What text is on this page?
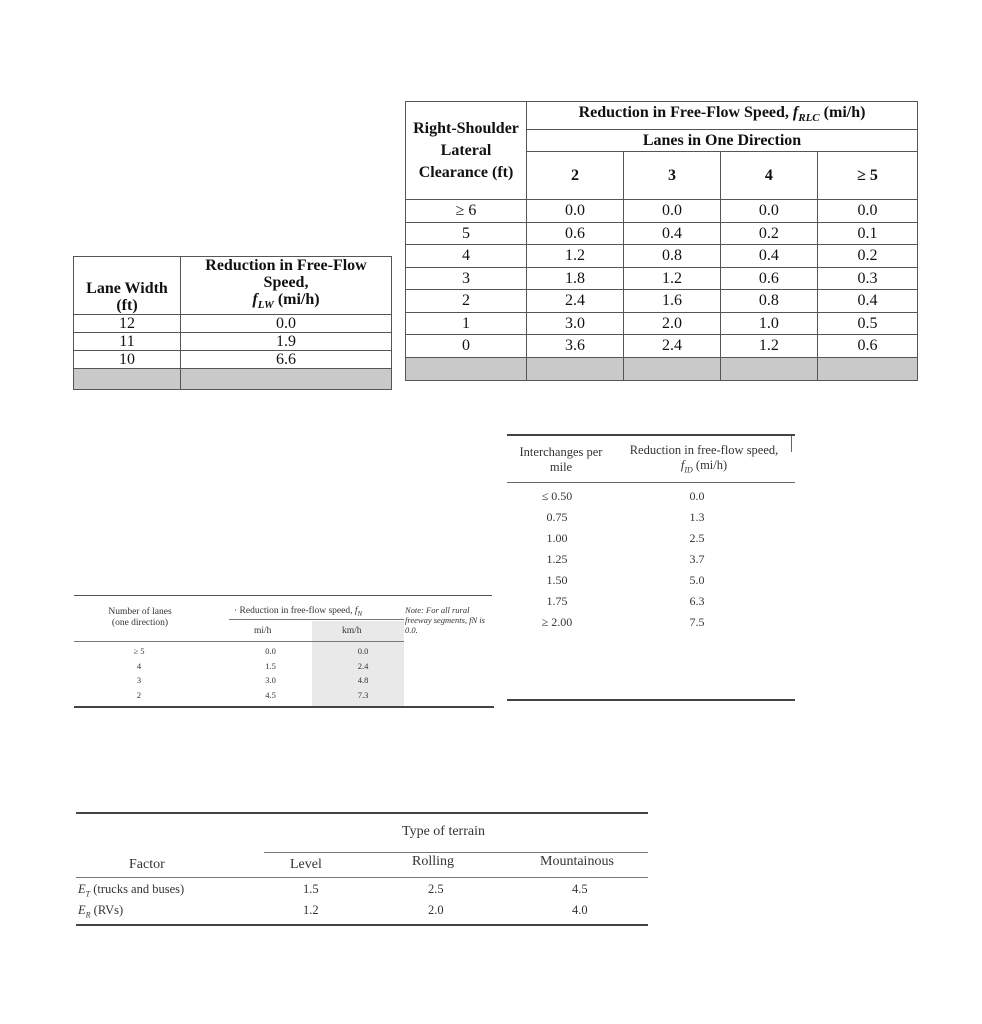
Lane Width
(ft)	Reduction in Free-Flow Speed,
$f_{LW}$ (mi/h)
12	0.0
11	1.9
10	6.6

Right-Shoulder Lateral Clearance (ft)	Reduction in Free-Flow Speed, $f_{RLC}$ (mi/h)			
	Lanes in One Direction			
	2	3	4	≥ 5
≥ 6	0.0	0.0	0.0	0.0
5	0.6	0.4	0.2	0.1
4	1.2	0.8	0.4	0.2
3	1.8	1.2	0.6	0.3
2	2.4	1.6	0.8	0.4
1	3.0	2.0	1.0	0.5
0	3.6	2.4	1.2	0.6

Interchanges per mile
Reduction in free-flow speed, $f_{ID}$ (mi/h)
≤ 0.50	0.0
0.75	1.3
1.00	2.5
1.25	3.7
1.50	5.0
1.75	6.3
≥ 2.00	7.5
Number of lanes
(one direction)
· Reduction in free-flow speed, $f_N$
mi/h	km/h
Note: For all rural freeway segments, fN is 0.0.
≥ 5	0.0	0.0
4	1.5	2.4
3	3.0	4.8
2	4.5	7.3
Type of terrain
Factor	Level	Rolling	Mountainous
$E_T$ (trucks and buses)	1.5	2.5	4.5
$E_R$ (RVs)	1.2	2.0	4.0
